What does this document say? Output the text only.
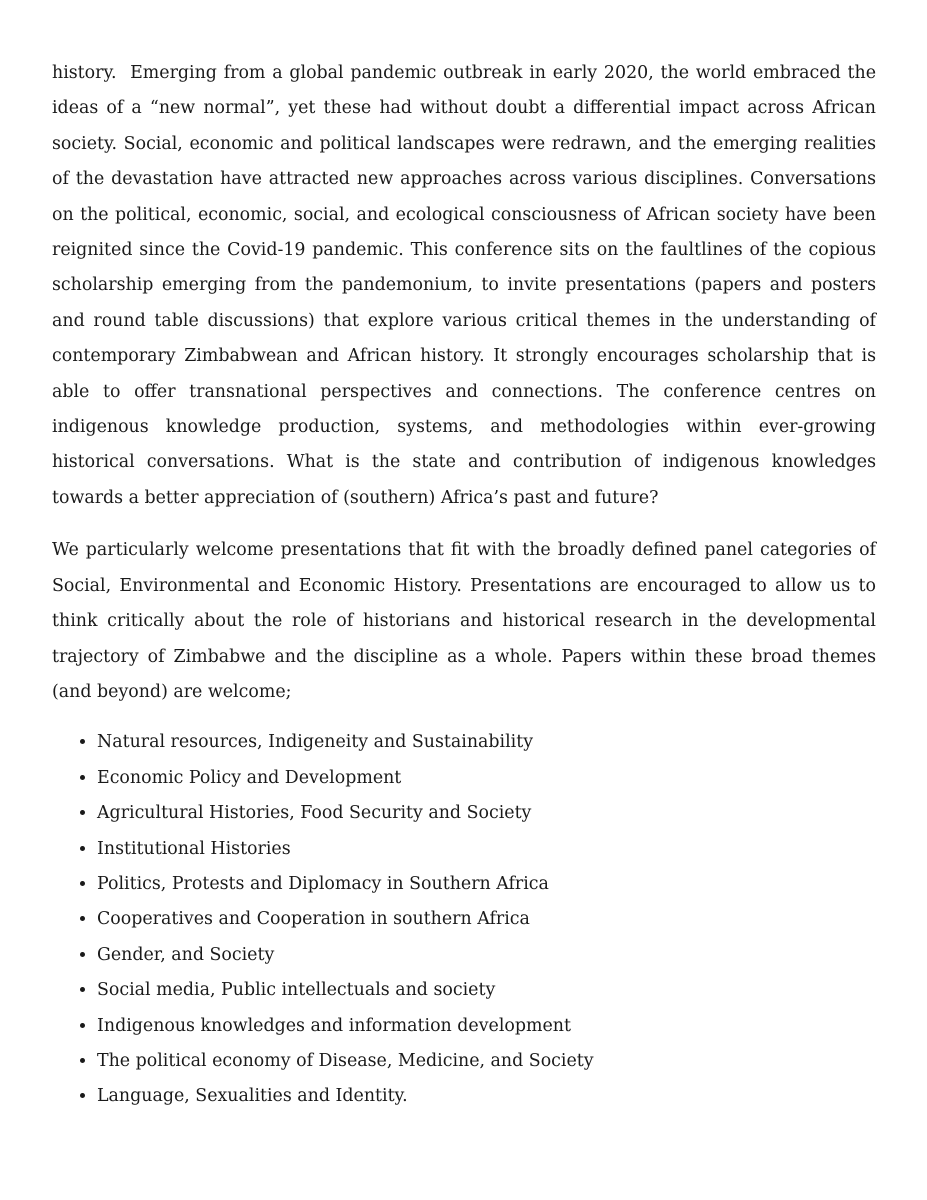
history.  Emerging from a global pandemic outbreak in early 2020, the world embraced the ideas of a “new normal”, yet these had without doubt a differential impact across African society. Social, economic and political landscapes were redrawn, and the emerging realities of the devastation have attracted new approaches across various disciplines. Conversations on the political, economic, social, and ecological consciousness of African society have been reignited since the Covid-19 pandemic. This conference sits on the faultlines of the copious scholarship emerging from the pandemonium, to invite presentations (papers and posters and round table discussions) that explore various critical themes in the understanding of contemporary Zimbabwean and African history. It strongly encourages scholarship that is able to offer transnational perspectives and connections. The conference centres on indigenous knowledge production, systems, and methodologies within ever-growing historical conversations. What is the state and contribution of indigenous knowledges towards a better appreciation of (southern) Africa’s past and future?

We particularly welcome presentations that fit with the broadly defined panel categories of Social, Environmental and Economic History. Presentations are encouraged to allow us to think critically about the role of historians and historical research in the developmental trajectory of Zimbabwe and the discipline as a whole. Papers within these broad themes (and beyond) are welcome;

• Natural resources, Indigeneity and Sustainability
• Economic Policy and Development
• Agricultural Histories, Food Security and Society
• Institutional Histories
• Politics, Protests and Diplomacy in Southern Africa
• Cooperatives and Cooperation in southern Africa
• Gender, and Society
• Social media, Public intellectuals and society
• Indigenous knowledges and information development
• The political economy of Disease, Medicine, and Society
• Language, Sexualities and Identity.
